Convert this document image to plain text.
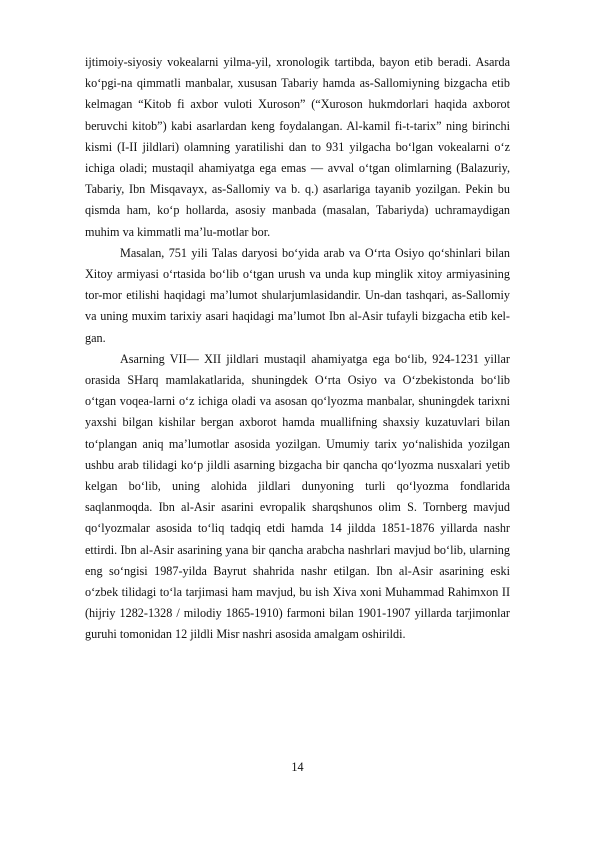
ijtimoiy-siyosiy vokealarni yilma-yil, xronologik tartibda, bayon etib beradi. Asarda ko‘pgi-na qimmatli manbalar, xususan Tabariy hamda as-Sallomiyning bizgacha etib kelmagan “Kitob fi axbor vuloti Xuroson” (“Xuroson hukmdorlari haqida axborot beruvchi kitob”) kabi asarlardan keng foydalangan. Al-kamil fi-t-tarix” ning birinchi kismi (I-II jildlari) olamning yaratilishi dan to 931 yilgacha bo‘lgan vokealarni o‘z ichiga oladi; mustaqil ahamiyatga ega emas — avval o‘tgan olimlarning (Balazuriy, Tabariy, Ibn Misqavayx, as-Sallomiy va b. q.) asarlariga tayanib yozilgan. Pekin bu qismda ham, ko‘p hollarda, asosiy manbada (masalan, Tabariyda) uchramaydigan muhim va kimmatli ma’lu-motlar bor.

Masalan, 751 yili Talas daryosi bo‘yida arab va O‘rta Osiyo qo‘shinlari bilan Xitoy armiyasi o‘rtasida bo‘lib o‘tgan urush va unda kup minglik xitoy armiyasining tor-mor etilishi haqidagi ma’lumot shularjumlasidandir. Un-dan tashqari, as-Sallomiy va uning muxim tarixiy asari haqidagi ma’lumot Ibn al-Asir tufayli bizgacha etib kel-gan.

Asarning VII— XII jildlari mustaqil ahamiyatga ega bo‘lib, 924-1231 yillar orasida SHarq mamlakatlarida, shuningdek O‘rta Osiyo va O‘zbekistonda bo‘lib o‘tgan voqea-larni o‘z ichiga oladi va asosan qo‘lyozma manbalar, shuningdek tarixni yaxshi bilgan kishilar bergan axborot hamda muallifning shaxsiy kuzatuvlari bilan to‘plangan aniq ma’lumotlar asosida yozilgan. Umumiy tarix yo‘nalishida yozilgan ushbu arab tilidagi ko‘p jildli asarning bizgacha bir qancha qo‘lyozma nusxalari yetib kelgan bo‘lib, uning alohida jildlari dunyoning turli qo‘lyozma fondlarida saqlanmoqda. Ibn al-Asir asarini evropalik sharqshunos olim S. Tornberg mavjud qo‘lyozmalar asosida to‘liq tadqiq etdi hamda 14 jildda 1851-1876 yillarda nashr ettirdi. Ibn al-Asir asarining yana bir qancha arabcha nashrlari mavjud bo‘lib, ularning eng so‘ngisi 1987-yilda Bayrut shahrida nashr etilgan. Ibn al-Asir asarining eski o‘zbek tilidagi to‘la tarjimasi ham mavjud, bu ish Xiva xoni Muhammad Rahimxon II (hijriy 1282-1328 / milodiy 1865-1910) farmoni bilan 1901-1907 yillarda tarjimonlar guruhi tomonidan 12 jildli Misr nashri asosida amalgam oshirildi.

14
